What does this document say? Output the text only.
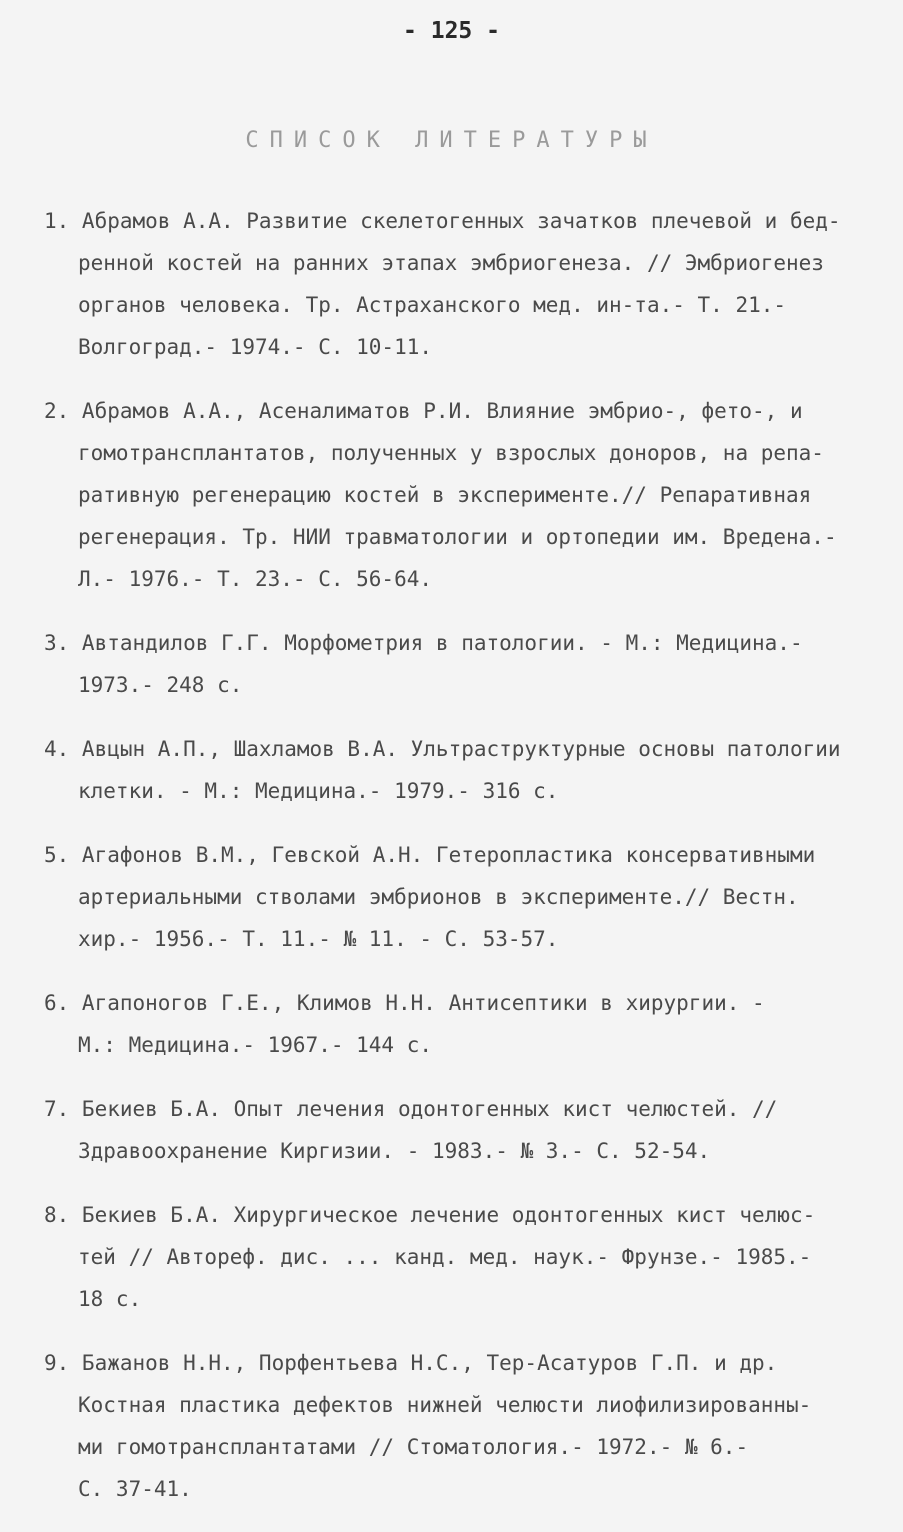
- 125 -
СПИСОК ЛИТЕРАТУРЫ
1. Абрамов А.А. Развитие скелетогенных зачатков плечевой и бед-
ренной костей на ранних этапах эмбриогенеза. // Эмбриогенез
органов человека. Тр. Астраханского мед. ин-та.- Т. 21.-
Волгоград.- 1974.- С. 10-11.
2. Абрамов А.А., Асеналиматов Р.И. Влияние эмбрио-, фето-, и
гомотрансплантатов, полученных у взрослых доноров, на репа-
ративную регенерацию костей в эксперименте.// Репаративная
регенерация. Тр. НИИ травматологии и ортопедии им. Вредена.-
Л.- 1976.- Т. 23.- С. 56-64.
3. Автандилов Г.Г. Морфометрия в патологии. - М.: Медицина.-
1973.- 248 с.
4. Авцын А.П., Шахламов В.А. Ультраструктурные основы патологии
клетки. - М.: Медицина.- 1979.- 316 с.
5. Агафонов В.М., Гевской А.Н. Гетеропластика консервативными
артериальными стволами эмбрионов в эксперименте.// Вестн.
хир.- 1956.- Т. 11.- № 11. - С. 53-57.
6. Агапоногов Г.Е., Климов Н.Н. Антисептики в хирургии. -
М.: Медицина.- 1967.- 144 с.
7. Бекиев Б.А. Опыт лечения одонтогенных кист челюстей. //
Здравоохранение Киргизии. - 1983.- № 3.- С. 52-54.
8. Бекиев Б.А. Хирургическое лечение одонтогенных кист челюс-
тей // Автореф. дис. ... канд. мед. наук.- Фрунзе.- 1985.-
18 с.
9. Бажанов Н.Н., Порфентьева Н.С., Тер-Асатуров Г.П. и др.
Костная пластика дефектов нижней челюсти лиофилизированны-
ми гомотрансплантатами // Стоматология.- 1972.- № 6.-
С. 37-41.
